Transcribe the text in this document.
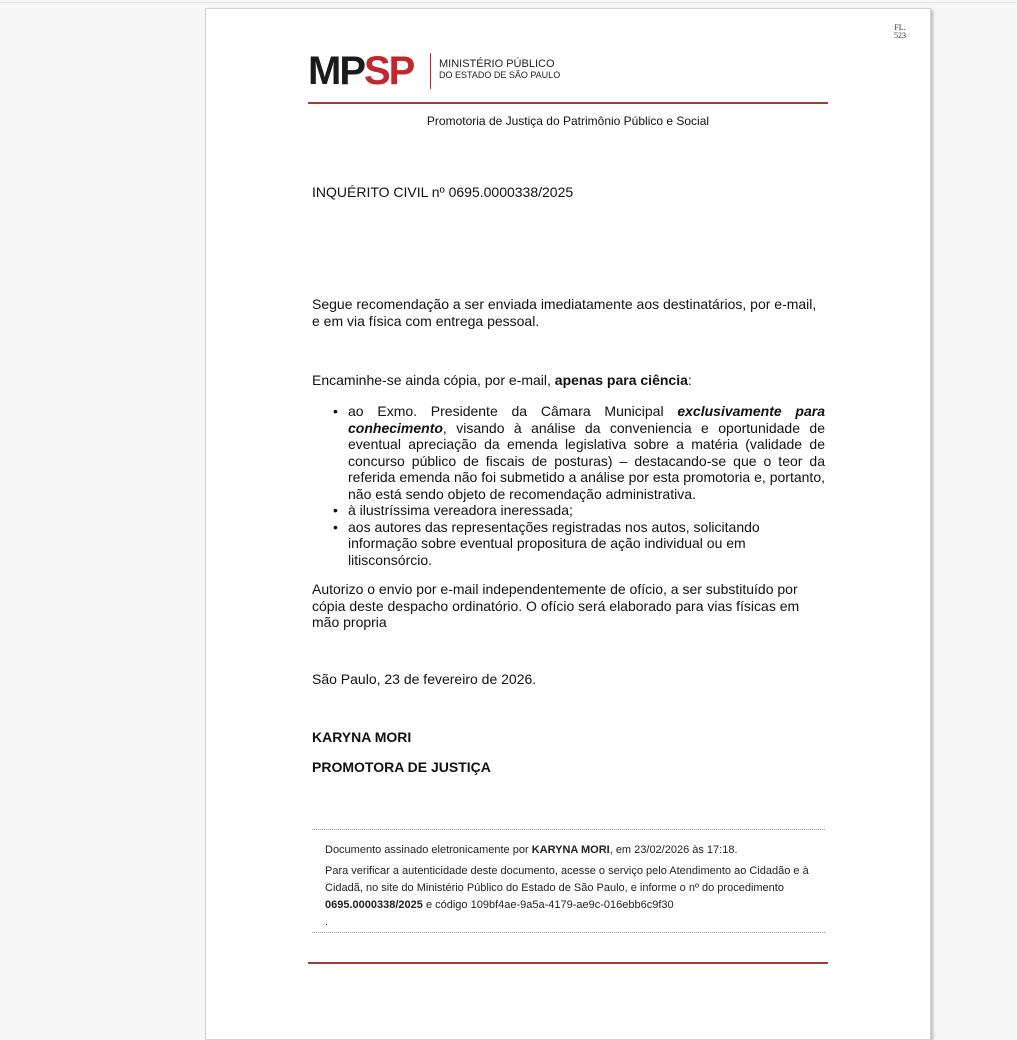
FL.
523
MPSP MINISTÉRIO PÚBLICO
DO ESTADO DE SÃO PAULO
Promotoria de Justiça do Patrimônio Público e Social
INQUÉRITO CIVIL nº 0695.0000338/2025
Segue recomendação a ser enviada imediatamente aos destinatários, por e-mail, e em via física com entrega pessoal.
Encaminhe-se ainda cópia, por e-mail, apenas para ciência:
• ao Exmo. Presidente da Câmara Municipal exclusivamente para conhecimento, visando à análise da conveniencia e oportunidade de eventual apreciação da emenda legislativa sobre a matéria (validade de concurso público de fiscais de posturas) – destacando-se que o teor da referida emenda não foi submetido a análise por esta promotoria e, portanto, não está sendo objeto de recomendação administrativa.
• à ilustríssima vereadora ineressada;
• aos autores das representações registradas nos autos, solicitando informação sobre eventual propositura de ação individual ou em litisconsórcio.
Autorizo o envio por e-mail independentemente de ofício, a ser substituído por cópia deste despacho ordinatório. O ofício será elaborado para vias físicas em mão propria
São Paulo, 23 de fevereiro de 2026.
KARYNA MORI
PROMOTORA DE JUSTIÇA
Documento assinado eletronicamente por KARYNA MORI, em 23/02/2026 às 17:18.
Para verificar a autenticidade deste documento, acesse o serviço pelo Atendimento ao Cidadão e à Cidadã, no site do Ministério Público do Estado de São Paulo, e informe o nº do procedimento 0695.0000338/2025 e código 109bf4ae-9a5a-4179-ae9c-016ebb6c9f30
.
